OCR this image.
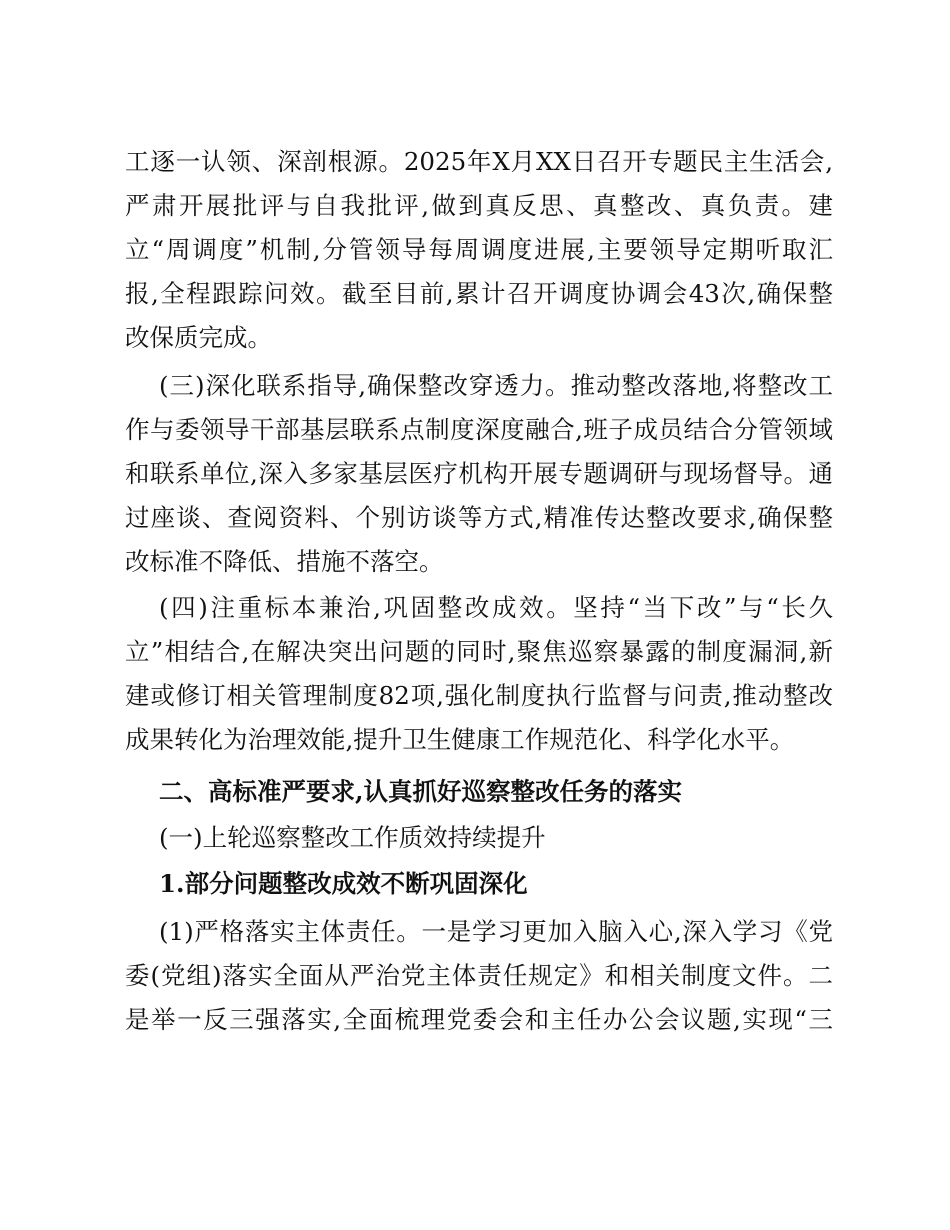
工逐一认领、深剖根源。2025年X月XX日召开专题民主生活会,
严肃开展批评与自我批评,做到真反思、真整改、真负责。建
立“周调度”机制,分管领导每周调度进展,主要领导定期听取汇
报,全程跟踪问效。截至目前,累计召开调度协调会43次,确保整
改保质完成。
(三)深化联系指导,确保整改穿透力。推动整改落地,将整改工
作与委领导干部基层联系点制度深度融合,班子成员结合分管领域
和联系单位,深入多家基层医疗机构开展专题调研与现场督导。通
过座谈、查阅资料、个别访谈等方式,精准传达整改要求,确保整
改标准不降低、措施不落空。
(四)注重标本兼治,巩固整改成效。坚持“当下改”与“长久
立”相结合,在解决突出问题的同时,聚焦巡察暴露的制度漏洞,新
建或修订相关管理制度82项,强化制度执行监督与问责,推动整改
成果转化为治理效能,提升卫生健康工作规范化、科学化水平。
二、高标准严要求,认真抓好巡察整改任务的落实
(一)上轮巡察整改工作质效持续提升
1.部分问题整改成效不断巩固深化
(1)严格落实主体责任。一是学习更加入脑入心,深入学习《党
委(党组)落实全面从严治党主体责任规定》和相关制度文件。二
是举一反三强落实,全面梳理党委会和主任办公会议题,实现“三
